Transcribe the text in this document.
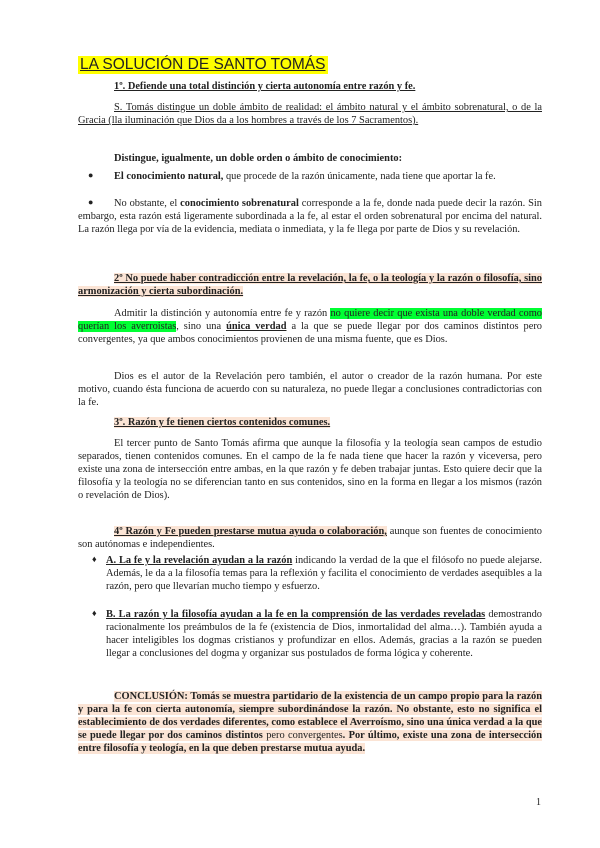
LA SOLUCIÓN DE SANTO TOMÁS
1º. Defiende una total distinción y cierta autonomía entre razón y fe.
S. Tomás distingue un doble ámbito de realidad: el ámbito natural y el ámbito sobrenatural, o de la Gracia (lla iluminación que Dios da a los hombres a través de los 7 Sacramentos).
Distingue, igualmente, un doble orden o ámbito de conocimiento:
●	El conocimiento natural, que procede de la razón únicamente, nada tiene que aportar la fe.
●	No obstante, el conocimiento sobrenatural corresponde a la fe, donde nada puede decir la razón. Sin embargo, esta razón está ligeramente subordinada a la fe, al estar el orden sobrenatural por encima del natural. La razón llega por vía de la evidencia, mediata o inmediata, y la fe llega por parte de Dios y su revelación.
2º No puede haber contradicción entre la revelación, la fe, o la teología y la razón o filosofía, sino armonización y cierta subordinación.
Admitir la distinción y autonomía entre fe y razón no quiere decir que exista una doble verdad como querían los averroistas, sino una única verdad a la que se puede llegar por dos caminos distintos pero convergentes, ya que ambos conocimientos provienen de una misma fuente, que es Dios.
Dios es el autor de la Revelación pero también, el autor o creador de la razón humana. Por este motivo, cuando ésta funciona de acuerdo con su naturaleza, no puede llegar a conclusiones contradictorias con la fe.
3º. Razón y fe tienen ciertos contenidos comunes.
El tercer punto de Santo Tomás afirma que aunque la filosofía y la teología sean campos de estudio separados, tienen contenidos comunes. En el campo de la fe nada tiene que hacer la razón y viceversa, pero existe una zona de intersección entre ambas, en la que razón y fe deben trabajar juntas. Esto quiere decir que la filosofía y la teología no se diferencian tanto en sus contenidos, sino en la forma en llegar a los mismos (razón o revelación de Dios).
4º Razón y Fe pueden prestarse mutua ayuda o colaboración, aunque son fuentes de conocimiento son autónomas e independientes.
♦ A. La fe y la revelación ayudan a la razón indicando la verdad de la que el filósofo no puede alejarse. Además, le da a la filosofía temas para la reflexión y facilita el conocimiento de verdades asequibles a la razón, pero que llevarían mucho tiempo y esfuerzo.
♦ B. La razón y la filosofía ayudan a la fe en la comprensión de las verdades reveladas demostrando racionalmente los preámbulos de la fe (existencia de Dios, inmortalidad del alma…). También ayuda a hacer inteligibles los dogmas cristianos y profundizar en ellos. Además, gracias a la razón se pueden llegar a conclusiones del dogma y organizar sus postulados de forma lógica y coherente.
CONCLUSIÓN: Tomás se muestra partidario de la existencia de un campo propio para la razón y para la fe con cierta autonomía, siempre subordinándose la razón. No obstante, esto no significa el establecimiento de dos verdades diferentes, como establece el Averroísmo, sino una única verdad a la que se puede llegar por dos caminos distintos pero convergentes. Por último, existe una zona de intersección entre filosofía y teología, en la que deben prestarse mutua ayuda.
1
